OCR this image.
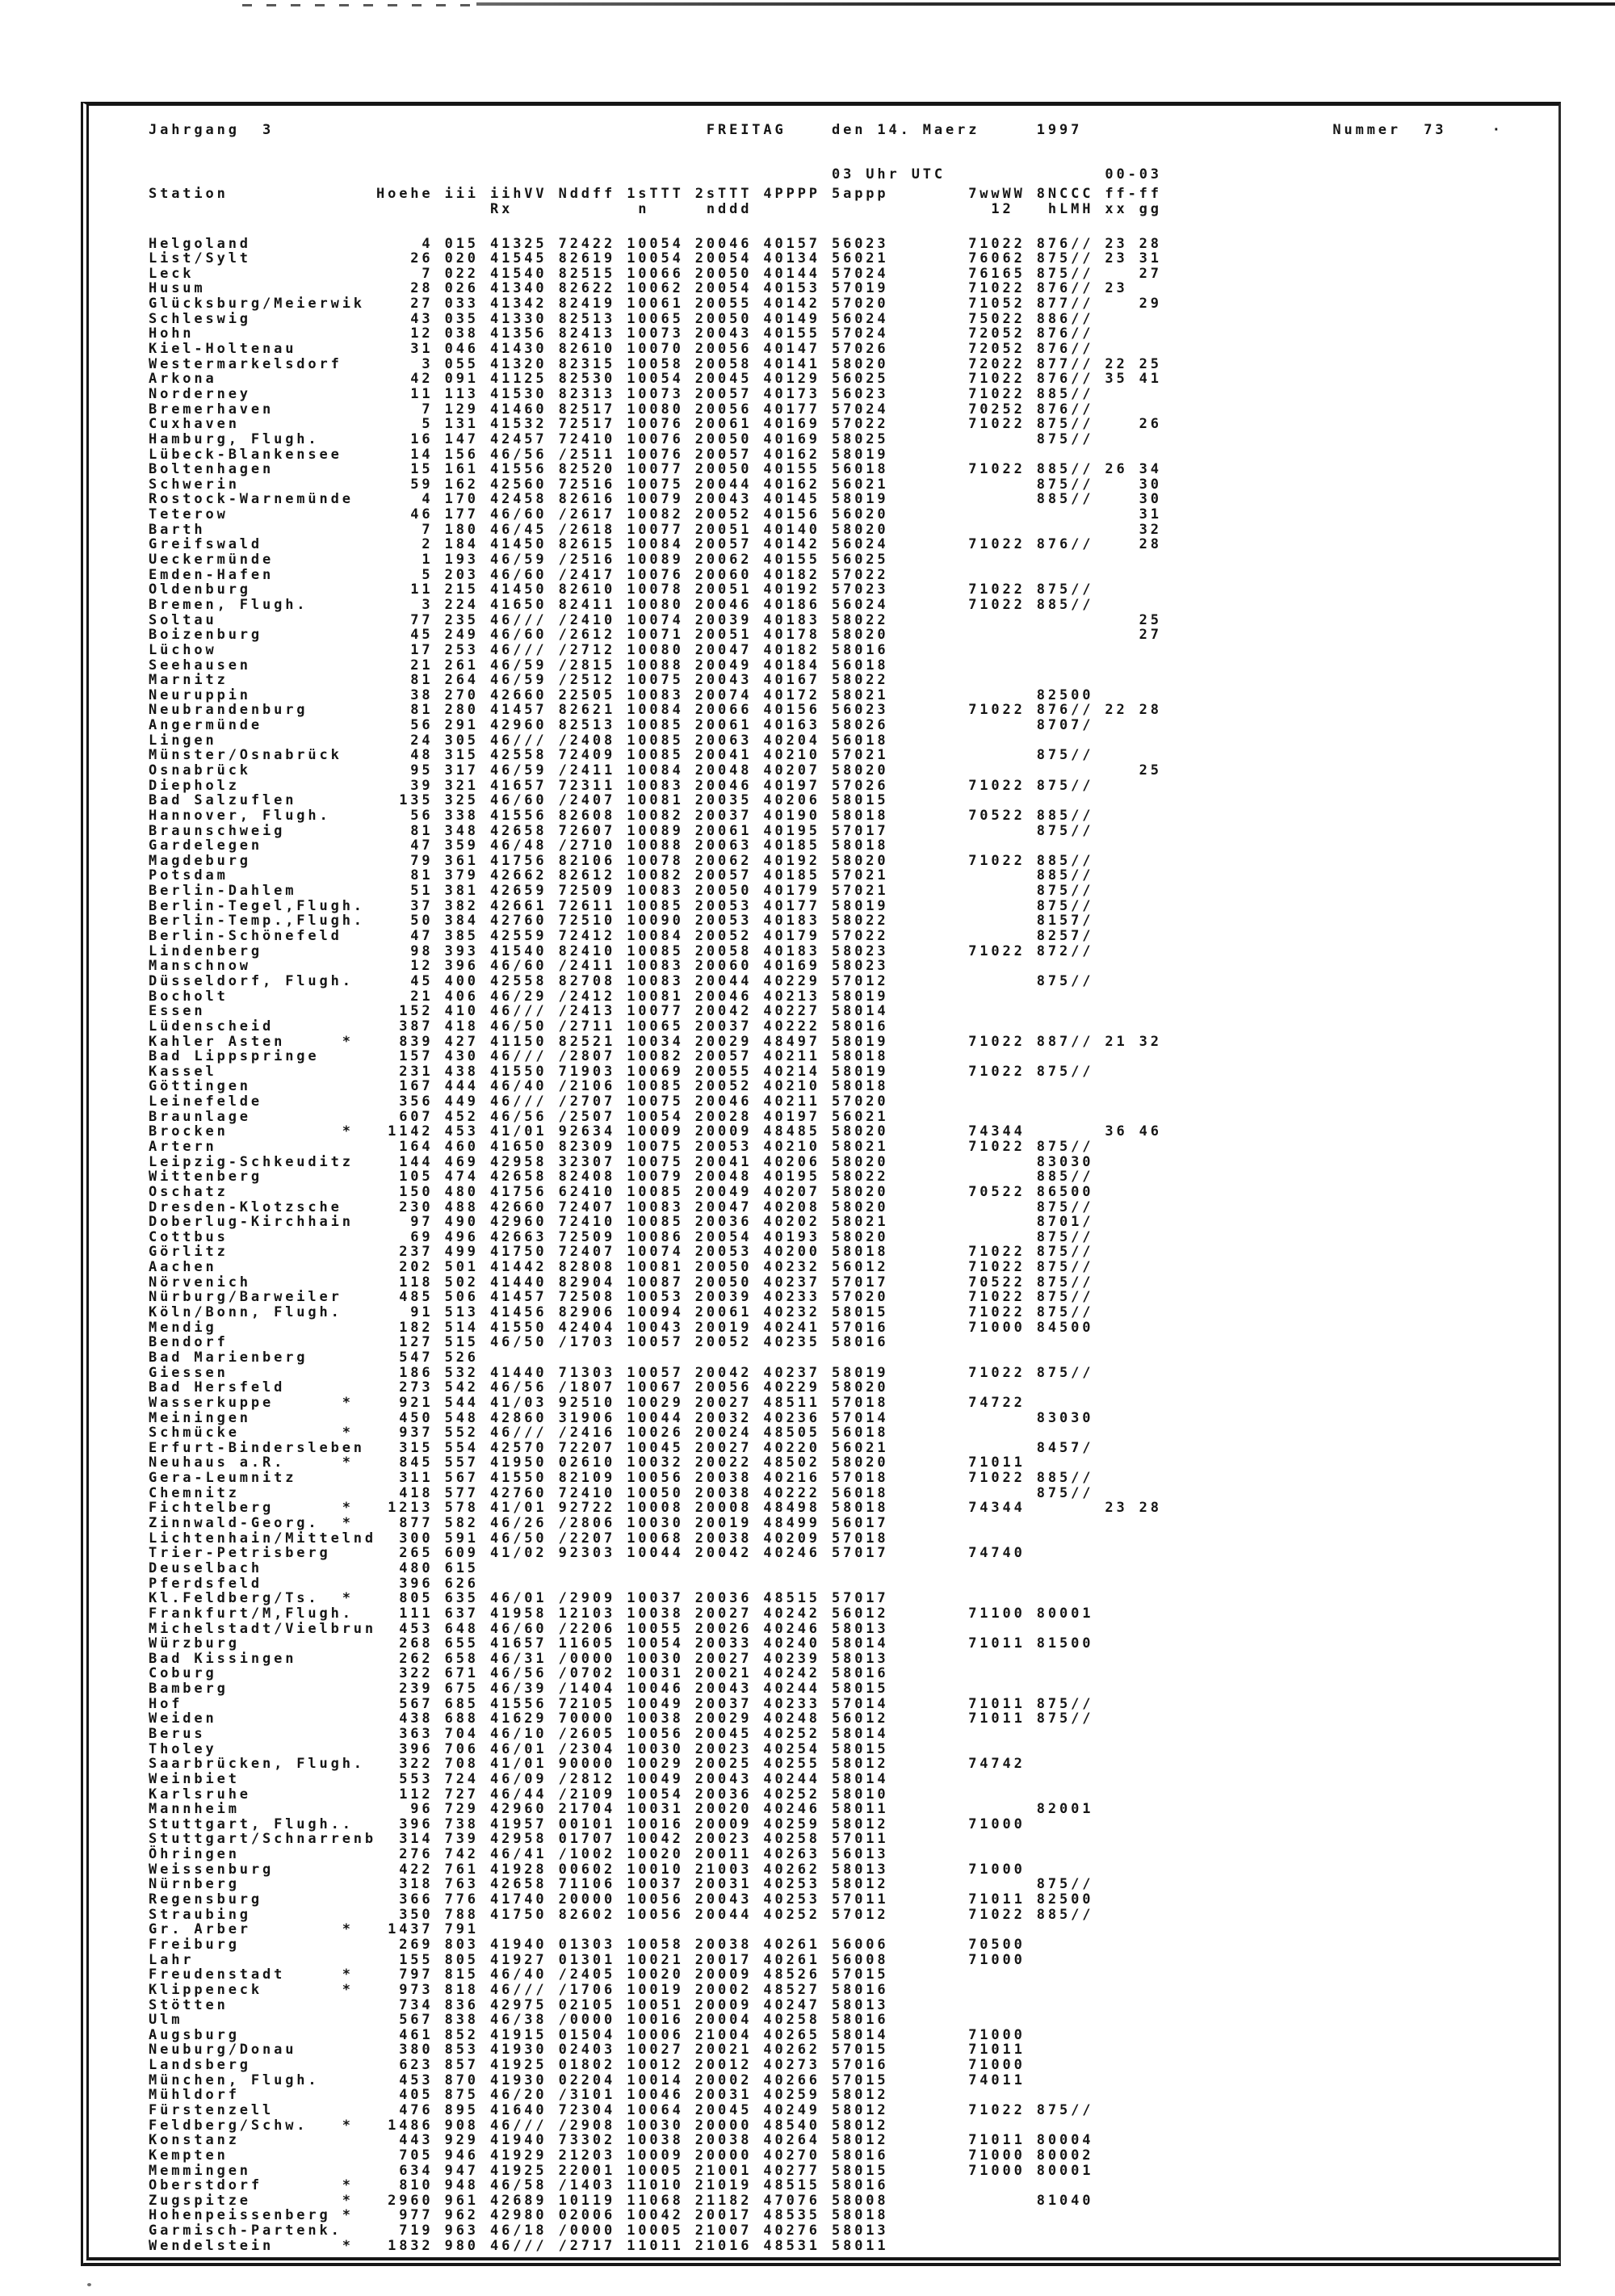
Jahrgang 3	FREITAG	den 14. Maerz	1997	Nummer 73	·
03 Uhr UTC	00-03
Station             Hoehe iii iihVV Nddff 1sTTT 2sTTT 4PPPP 5appp       7wwWW 8NCCC ff-ff
Rx           n     nddd                     12   hLMH xx gg
Helgoland               4 015 41325 72422 10054 20046 40157 56023       71022 876// 23 28
List/Sylt              26 020 41545 82619 10054 20054 40134 56021       76062 875// 23 31
Leck                    7 022 41540 82515 10066 20050 40144 57024       76165 875//    27
Husum                  28 026 41340 82622 10062 20054 40153 57019       71022 876// 23
Glücksburg/Meierwik    27 033 41342 82419 10061 20055 40142 57020       71052 877//    29
Schleswig              43 035 41330 82513 10065 20050 40149 56024       75022 886//
Hohn                   12 038 41356 82413 10073 20043 40155 57024       72052 876//
Kiel-Holtenau          31 046 41430 82610 10070 20056 40147 57026       72052 876//
Westermarkelsdorf       3 055 41320 82315 10058 20058 40141 58020       72022 877// 22 25
Arkona                 42 091 41125 82530 10054 20045 40129 56025       71022 876// 35 41
Norderney              11 113 41530 82313 10073 20057 40173 56023       71022 885//
Bremerhaven             7 129 41460 82517 10080 20056 40177 57024       70252 876//
Cuxhaven                5 131 41532 72517 10076 20061 40169 57022       71022 875//    26
Hamburg, Flugh.        16 147 42457 72410 10076 20050 40169 58025             875//
Lübeck-Blankensee      14 156 46/56 /2511 10076 20057 40162 58019
Boltenhagen            15 161 41556 82520 10077 20050 40155 56018       71022 885// 26 34
Schwerin               59 162 42560 72516 10075 20044 40162 56021             875//    30
Rostock-Warnemünde      4 170 42458 82616 10079 20043 40145 58019             885//    30
Teterow                46 177 46/60 /2617 10082 20052 40156 56020                      31
Barth                   7 180 46/45 /2618 10077 20051 40140 58020                      32
Greifswald              2 184 41450 82615 10084 20057 40142 56024       71022 876//    28
Ueckermünde             1 193 46/59 /2516 10089 20062 40155 56025
Emden-Hafen             5 203 46/60 /2417 10076 20060 40182 57022
Oldenburg              11 215 41450 82610 10078 20051 40192 57023       71022 875//
Bremen, Flugh.          3 224 41650 82411 10080 20046 40186 56024       71022 885//
Soltau                 77 235 46/// /2410 10074 20039 40183 58022                      25
Boizenburg             45 249 46/60 /2612 10071 20051 40178 58020                      27
Lüchow                 17 253 46/// /2712 10080 20047 40182 58016
Seehausen              21 261 46/59 /2815 10088 20049 40184 56018
Marnitz                81 264 46/59 /2512 10075 20043 40167 58022
Neuruppin              38 270 42660 22505 10083 20074 40172 58021             82500
Neubrandenburg         81 280 41457 82621 10084 20066 40156 56023       71022 876// 22 28
Angermünde             56 291 42960 82513 10085 20061 40163 58026             8707/
Lingen                 24 305 46/// /2408 10085 20063 40204 56018
Münster/Osnabrück      48 315 42558 72409 10085 20041 40210 57021             875//
Osnabrück              95 317 46/59 /2411 10084 20048 40207 58020                      25
Diepholz               39 321 41657 72311 10083 20046 40197 57026       71022 875//
Bad Salzuflen         135 325 46/60 /2407 10081 20035 40206 58015
Hannover, Flugh.       56 338 41556 82608 10082 20037 40190 58018       70522 885//
Braunschweig           81 348 42658 72607 10089 20061 40195 57017             875//
Gardelegen             47 359 46/48 /2710 10088 20063 40185 58018
Magdeburg              79 361 41756 82106 10078 20062 40192 58020       71022 885//
Potsdam                81 379 42662 82612 10082 20057 40185 57021             885//
Berlin-Dahlem          51 381 42659 72509 10083 20050 40179 57021             875//
Berlin-Tegel,Flugh.    37 382 42661 72611 10085 20053 40177 58019             875//
Berlin-Temp.,Flugh.    50 384 42760 72510 10090 20053 40183 58022             8157/
Berlin-Schönefeld      47 385 42559 72412 10084 20052 40179 57022             8257/
Lindenberg             98 393 41540 82410 10085 20058 40183 58023       71022 872//
Manschnow              12 396 46/60 /2411 10083 20060 40169 58023
Düsseldorf, Flugh.     45 400 42558 82708 10083 20044 40229 57012             875//
Bocholt                21 406 46/29 /2412 10081 20046 40213 58019
Essen                 152 410 46/// /2413 10077 20042 40227 58014
Lüdenscheid           387 418 46/50 /2711 10065 20037 40222 58016
Kahler Asten     *    839 427 41150 82521 10034 20029 48497 58019       71022 887// 21 32
Bad Lippspringe       157 430 46/// /2807 10082 20057 40211 58018
Kassel                231 438 41550 71903 10069 20055 40214 58019       71022 875//
Göttingen             167 444 46/40 /2106 10085 20052 40210 58018
Leinefelde            356 449 46/// /2707 10075 20046 40211 57020
Braunlage             607 452 46/56 /2507 10054 20028 40197 56021
Brocken          *   1142 453 41/01 92634 10009 20009 48485 58020       74344       36 46
Artern                164 460 41650 82309 10075 20053 40210 58021       71022 875//
Leipzig-Schkeuditz    144 469 42958 32307 10075 20041 40206 58020             83030
Wittenberg            105 474 42658 82408 10079 20048 40195 58022             885//
Oschatz               150 480 41756 62410 10085 20049 40207 58020       70522 86500
Dresden-Klotzsche     230 488 42660 72407 10083 20047 40208 58020             875//
Doberlug-Kirchhain     97 490 42960 72410 10085 20036 40202 58021             8701/
Cottbus                69 496 42663 72509 10086 20054 40193 58020             875//
Görlitz               237 499 41750 72407 10074 20053 40200 58018       71022 875//
Aachen                202 501 41442 82808 10081 20050 40232 56012       71022 875//
Nörvenich             118 502 41440 82904 10087 20050 40237 57017       70522 875//
Nürburg/Barweiler     485 506 41457 72508 10053 20039 40233 57020       71022 875//
Köln/Bonn, Flugh.      91 513 41456 82906 10094 20061 40232 58015       71022 875//
Mendig                182 514 41550 42404 10043 20019 40241 57016       71000 84500
Bendorf               127 515 46/50 /1703 10057 20052 40235 58016
Bad Marienberg        547 526
Giessen               186 532 41440 71303 10057 20042 40237 58019       71022 875//
Bad Hersfeld          273 542 46/56 /1807 10067 20056 40229 58020
Wasserkuppe      *    921 544 41/03 92510 10029 20027 48511 57018       74722
Meiningen             450 548 42860 31906 10044 20032 40236 57014             83030
Schmücke         *    937 552 46/// /2416 10026 20024 48505 56018
Erfurt-Bindersleben   315 554 42570 72207 10045 20027 40220 56021             8457/
Neuhaus a.R.     *    845 557 41950 02610 10032 20022 48502 58020       71011
Gera-Leumnitz         311 567 41550 82109 10056 20038 40216 57018       71022 885//
Chemnitz              418 577 42760 72410 10050 20038 40222 56018             875//
Fichtelberg      *   1213 578 41/01 92722 10008 20008 48498 58018       74344       23 28
Zinnwald-Georg.  *    877 582 46/26 /2806 10030 20019 48499 56017
Lichtenhain/Mittelnd  300 591 46/50 /2207 10068 20038 40209 57018
Trier-Petrisberg      265 609 41/02 92303 10044 20042 40246 57017       74740
Deuselbach            480 615
Pferdsfeld            396 626
Kl.Feldberg/Ts.  *    805 635 46/01 /2909 10037 20036 48515 57017
Frankfurt/M,Flugh.    111 637 41958 12103 10038 20027 40242 56012       71100 80001
Michelstadt/Vielbrun  453 648 46/60 /2206 10055 20026 40246 58013
Würzburg              268 655 41657 11605 10054 20033 40240 58014       71011 81500
Bad Kissingen         262 658 46/31 /0000 10030 20027 40239 58013
Coburg                322 671 46/56 /0702 10031 20021 40242 58016
Bamberg               239 675 46/39 /1404 10046 20043 40244 58015
Hof                   567 685 41556 72105 10049 20037 40233 57014       71011 875//
Weiden                438 688 41629 70000 10038 20029 40248 56012       71011 875//
Berus                 363 704 46/10 /2605 10056 20045 40252 58014
Tholey                396 706 46/01 /2304 10030 20023 40254 58015
Saarbrücken, Flugh.   322 708 41/01 90000 10029 20025 40255 58012       74742
Weinbiet              553 724 46/09 /2812 10049 20043 40244 58014
Karlsruhe             112 727 46/44 /2109 10054 20036 40252 58010
Mannheim               96 729 42960 21704 10031 20020 40246 58011             82001
Stuttgart, Flugh..    396 738 41957 00101 10016 20009 40259 58012       71000
Stuttgart/Schnarrenb  314 739 42958 01707 10042 20023 40258 57011
Öhringen              276 742 46/41 /1002 10020 20011 40263 56013
Weissenburg           422 761 41928 00602 10010 21003 40262 58013       71000
Nürnberg              318 763 42658 71106 10037 20031 40253 58012             875//
Regensburg            366 776 41740 20000 10056 20043 40253 57011       71011 82500
Straubing             350 788 41750 82602 10056 20044 40252 57012       71022 885//
Gr. Arber        *   1437 791
Freiburg              269 803 41940 01303 10058 20038 40261 56006       70500
Lahr                  155 805 41927 01301 10021 20017 40261 56008       71000
Freudenstadt     *    797 815 46/40 /2405 10020 20009 48526 57015
Klippeneck       *    973 818 46/// /1706 10019 20002 48527 58016
Stötten               734 836 42975 02105 10051 20009 40247 58013
Ulm                   567 838 46/38 /0000 10016 20004 40258 58016
Augsburg              461 852 41915 01504 10006 21004 40265 58014       71000
Neuburg/Donau         380 853 41930 02403 10027 20021 40262 57015       71011
Landsberg             623 857 41925 01802 10012 20012 40273 57016       71000
München, Flugh.       453 870 41930 02204 10014 20002 40266 57015       74011
Mühldorf              405 875 46/20 /3101 10046 20031 40259 58012
Fürstenzell           476 895 41640 72304 10064 20045 40249 58012       71022 875//
Feldberg/Schw.   *   1486 908 46/// /2908 10030 20000 48540 58012
Konstanz              443 929 41940 73302 10038 20038 40264 58012       71011 80004
Kempten               705 946 41929 21203 10009 20000 40270 58016       71000 80002
Memmingen             634 947 41925 22001 10005 21001 40277 58015       71000 80001
Oberstdorf       *    810 948 46/58 /1403 11010 21019 48515 58016
Zugspitze        *   2960 961 42689 10119 11068 21182 47076 58008             81040
Hohenpeissenberg *    977 962 42980 02006 10042 20017 48535 58018
Garmisch-Partenk.     719 963 46/18 /0000 10005 21007 40276 58013
Wendelstein      *   1832 980 46/// /2717 11011 21016 48531 58011
